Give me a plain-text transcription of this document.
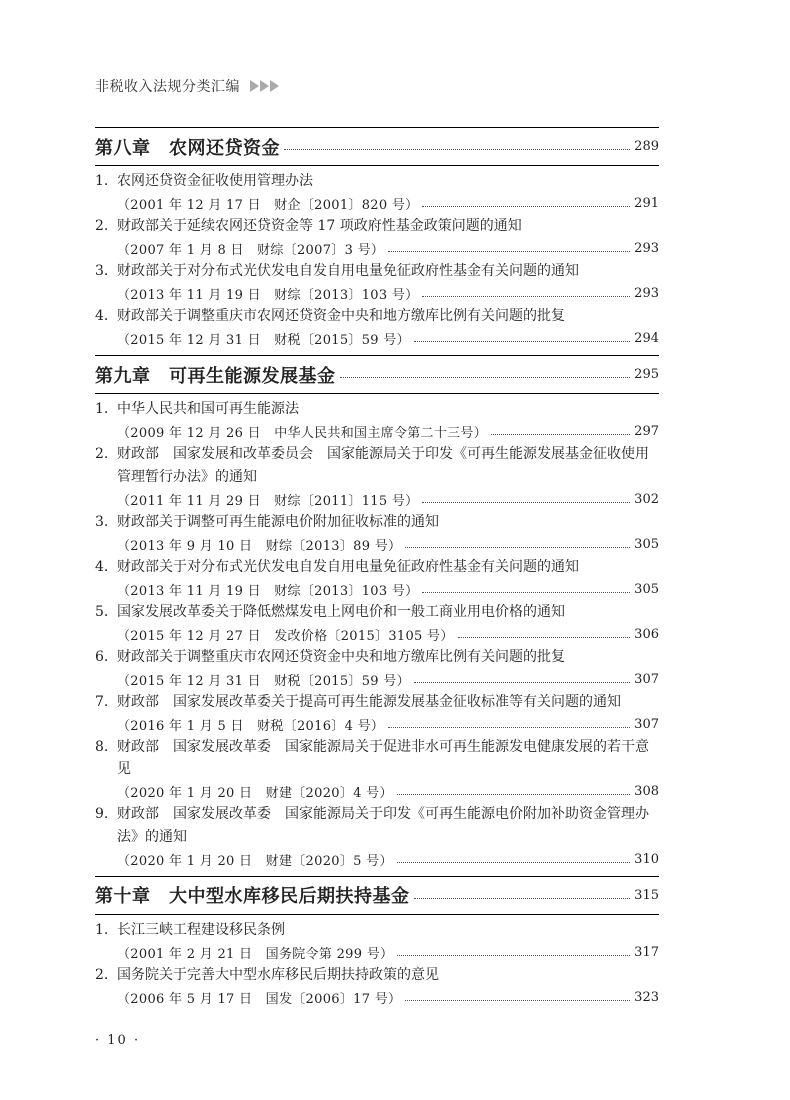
非税收入法规分类汇编
第八章　农网还贷资金	289
1. 农网还贷资金征收使用管理办法
（2001 年 12 月 17 日　财企〔2001〕820 号）	291
2. 财政部关于延续农网还贷资金等 17 项政府性基金政策问题的通知
（2007 年 1 月 8 日　财综〔2007〕3 号）	293
3. 财政部关于对分布式光伏发电自发自用电量免征政府性基金有关问题的通知
（2013 年 11 月 19 日　财综〔2013〕103 号）	293
4. 财政部关于调整重庆市农网还贷资金中央和地方缴库比例有关问题的批复
（2015 年 12 月 31 日　财税〔2015〕59 号）	294
第九章　可再生能源发展基金	295
1. 中华人民共和国可再生能源法
（2009 年 12 月 26 日　中华人民共和国主席令第二十三号）	297
2. 财政部　国家发展和改革委员会　国家能源局关于印发《可再生能源发展基金征收使用管理暂行办法》的通知
（2011 年 11 月 29 日　财综〔2011〕115 号）	302
3. 财政部关于调整可再生能源电价附加征收标准的通知
（2013 年 9 月 10 日　财综〔2013〕89 号）	305
4. 财政部关于对分布式光伏发电自发自用电量免征政府性基金有关问题的通知
（2013 年 11 月 19 日　财综〔2013〕103 号）	305
5. 国家发展改革委关于降低燃煤发电上网电价和一般工商业用电价格的通知
（2015 年 12 月 27 日　发改价格〔2015〕3105 号）	306
6. 财政部关于调整重庆市农网还贷资金中央和地方缴库比例有关问题的批复
（2015 年 12 月 31 日　财税〔2015〕59 号）	307
7. 财政部　国家发展改革委关于提高可再生能源发展基金征收标准等有关问题的通知
（2016 年 1 月 5 日　财税〔2016〕4 号）	307
8. 财政部　国家发展改革委　国家能源局关于促进非水可再生能源发电健康发展的若干意见
（2020 年 1 月 20 日　财建〔2020〕4 号）	308
9. 财政部　国家发展改革委　国家能源局关于印发《可再生能源电价附加补助资金管理办法》的通知
（2020 年 1 月 20 日　财建〔2020〕5 号）	310
第十章　大中型水库移民后期扶持基金	315
1. 长江三峡工程建设移民条例
（2001 年 2 月 21 日　国务院令第 299 号）	317
2. 国务院关于完善大中型水库移民后期扶持政策的意见
（2006 年 5 月 17 日　国发〔2006〕17 号）	323
· 10 ·
